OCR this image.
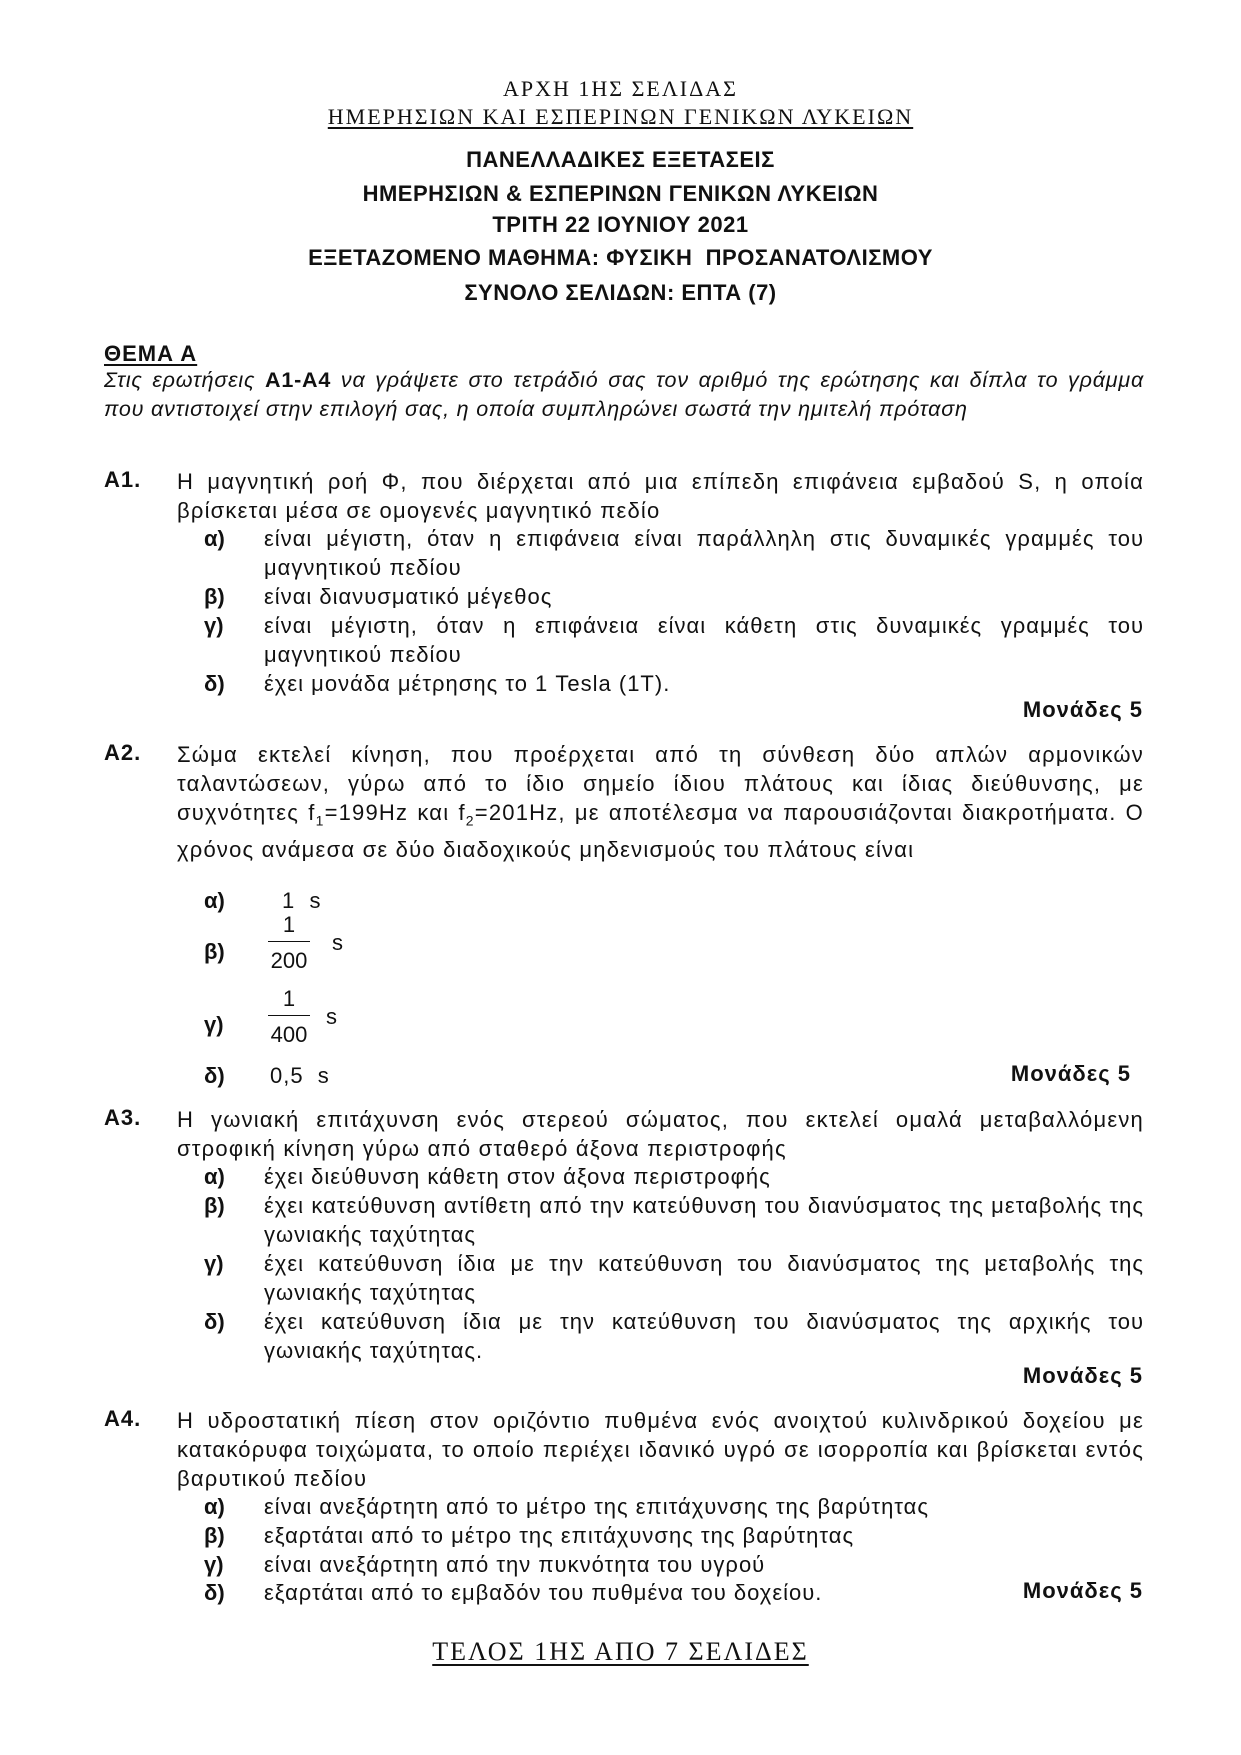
ΑΡΧΗ 1ΗΣ ΣΕΛΙΔΑΣ
ΗΜΕΡΗΣΙΩΝ ΚΑΙ ΕΣΠΕΡΙΝΩΝ ΓΕΝΙΚΩΝ ΛΥΚΕΙΩΝ
ΠΑΝΕΛΛΑΔΙΚΕΣ ΕΞΕΤΑΣΕΙΣ
ΗΜΕΡΗΣΙΩΝ & ΕΣΠΕΡΙΝΩΝ ΓΕΝΙΚΩΝ ΛΥΚΕΙΩΝ
ΤΡΙΤΗ 22 ΙΟΥΝΙΟΥ 2021
ΕΞΕΤΑΖΟΜΕΝΟ ΜΑΘΗΜΑ: ΦΥΣΙΚΗ  ΠΡΟΣΑΝΑΤΟΛΙΣΜΟΥ
ΣΥΝΟΛΟ ΣΕΛΙΔΩΝ: ΕΠΤΑ (7)
ΘΕΜΑ Α
Στις ερωτήσεις Α1-Α4 να γράψετε στο τετράδιό σας τον αριθμό της ερώτησης και δίπλα το γράμμα που αντιστοιχεί στην επιλογή σας, η οποία συμπληρώνει σωστά την ημιτελή πρόταση
Α1. Η μαγνητική ροή Φ, που διέρχεται από μια επίπεδη επιφάνεια εμβαδού S, η οποία βρίσκεται μέσα σε ομογενές μαγνητικό πεδίο
α) είναι μέγιστη, όταν η επιφάνεια είναι παράλληλη στις δυναμικές γραμμές του μαγνητικού πεδίου
β) είναι διανυσματικό μέγεθος
γ) είναι μέγιστη, όταν η επιφάνεια είναι κάθετη στις δυναμικές γραμμές του μαγνητικού πεδίου
δ) έχει μονάδα μέτρησης το 1 Tesla (1T).
Μονάδες 5
Α2. Σώμα εκτελεί κίνηση, που προέρχεται από τη σύνθεση δύο απλών αρμονικών ταλαντώσεων, γύρω από το ίδιο σημείο ίδιου πλάτους και ίδιας διεύθυνσης, με συχνότητες $f_1=199Hz$ και $f_2=201Hz$, με αποτέλεσμα να παρουσιάζονται διακροτήματα. Ο χρόνος ανάμεσα σε δύο διαδοχικούς μηδενισμούς του πλάτους είναι
α)	1  s
β)
1
200
s
γ)
1
400
s
δ) 0,5  s	Μονάδες 5
Α3. Η γωνιακή επιτάχυνση ενός στερεού σώματος, που εκτελεί ομαλά μεταβαλλόμενη στροφική κίνηση γύρω από σταθερό άξονα περιστροφής
α) έχει διεύθυνση κάθετη στον άξονα περιστροφής
β) έχει κατεύθυνση αντίθετη από την κατεύθυνση του διανύσματος της μεταβολής της γωνιακής ταχύτητας
γ) έχει κατεύθυνση ίδια με την κατεύθυνση του διανύσματος της μεταβολής της γωνιακής ταχύτητας
δ) έχει κατεύθυνση ίδια με την κατεύθυνση του διανύσματος της αρχικής του γωνιακής ταχύτητας.
Μονάδες 5
Α4. Η υδροστατική πίεση στον οριζόντιο πυθμένα ενός ανοιχτού κυλινδρικού δοχείου με κατακόρυφα τοιχώματα, το οποίο περιέχει ιδανικό υγρό σε ισορροπία και βρίσκεται εντός βαρυτικού πεδίου
α) είναι ανεξάρτητη από το μέτρο της επιτάχυνσης της βαρύτητας
β) εξαρτάται από το μέτρο της επιτάχυνσης της βαρύτητας
γ) είναι ανεξάρτητη από την πυκνότητα του υγρού
δ) εξαρτάται από το εμβαδόν του πυθμένα του δοχείου.	Μονάδες 5
ΤΕΛΟΣ 1ΗΣ ΑΠΟ 7 ΣΕΛΙΔΕΣ
